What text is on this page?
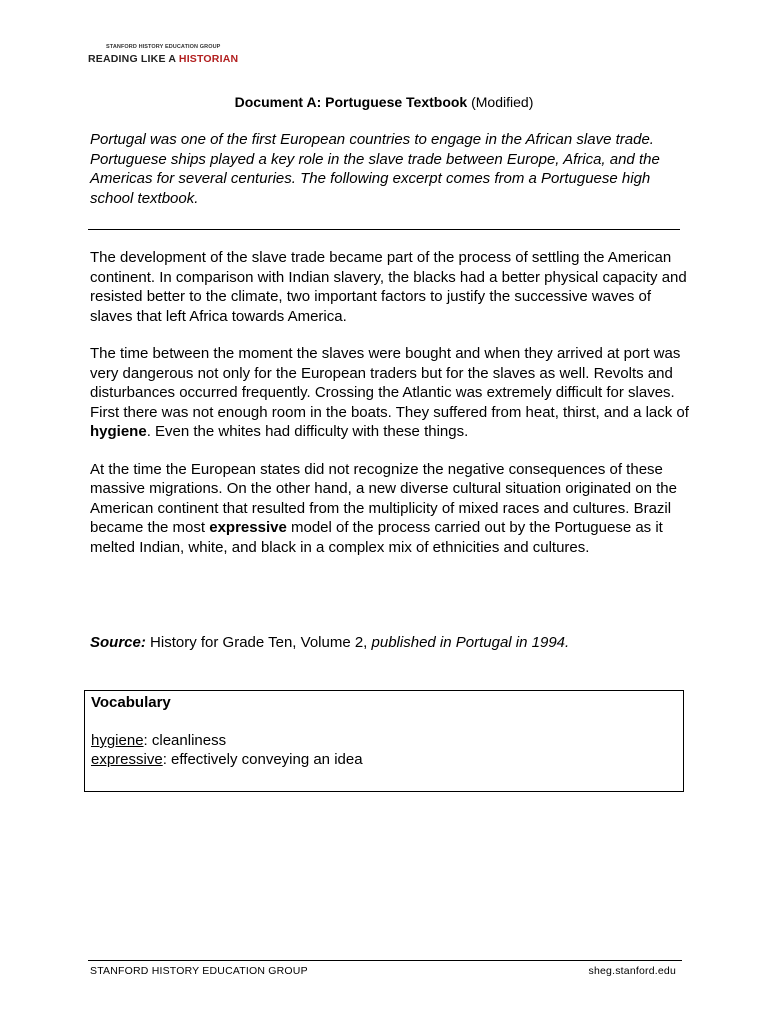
STANFORD HISTORY EDUCATION GROUP
READING LIKE A HISTORIAN
Document A: Portuguese Textbook (Modified)
Portugal was one of the first European countries to engage in the African slave trade. Portuguese ships played a key role in the slave trade between Europe, Africa, and the Americas for several centuries. The following excerpt comes from a Portuguese high school textbook.

The development of the slave trade became part of the process of settling the American continent. In comparison with Indian slavery, the blacks had a better physical capacity and resisted better to the climate, two important factors to justify the successive waves of slaves that left Africa towards America.

The time between the moment the slaves were bought and when they arrived at port was very dangerous not only for the European traders but for the slaves as well. Revolts and disturbances occurred frequently. Crossing the Atlantic was extremely difficult for slaves. First there was not enough room in the boats. They suffered from heat, thirst, and a lack of hygiene. Even the whites had difficulty with these things.

At the time the European states did not recognize the negative consequences of these massive migrations. On the other hand, a new diverse cultural situation originated on the American continent that resulted from the multiplicity of mixed races and cultures. Brazil became the most expressive model of the process carried out by the Portuguese as it melted Indian, white, and black in a complex mix of ethnicities and cultures.

Source: History for Grade Ten, Volume 2, published in Portugal in 1994.
Vocabulary
hygiene: cleanliness
expressive: effectively conveying an idea
STANFORD HISTORY EDUCATION GROUP	sheg.stanford.edu
